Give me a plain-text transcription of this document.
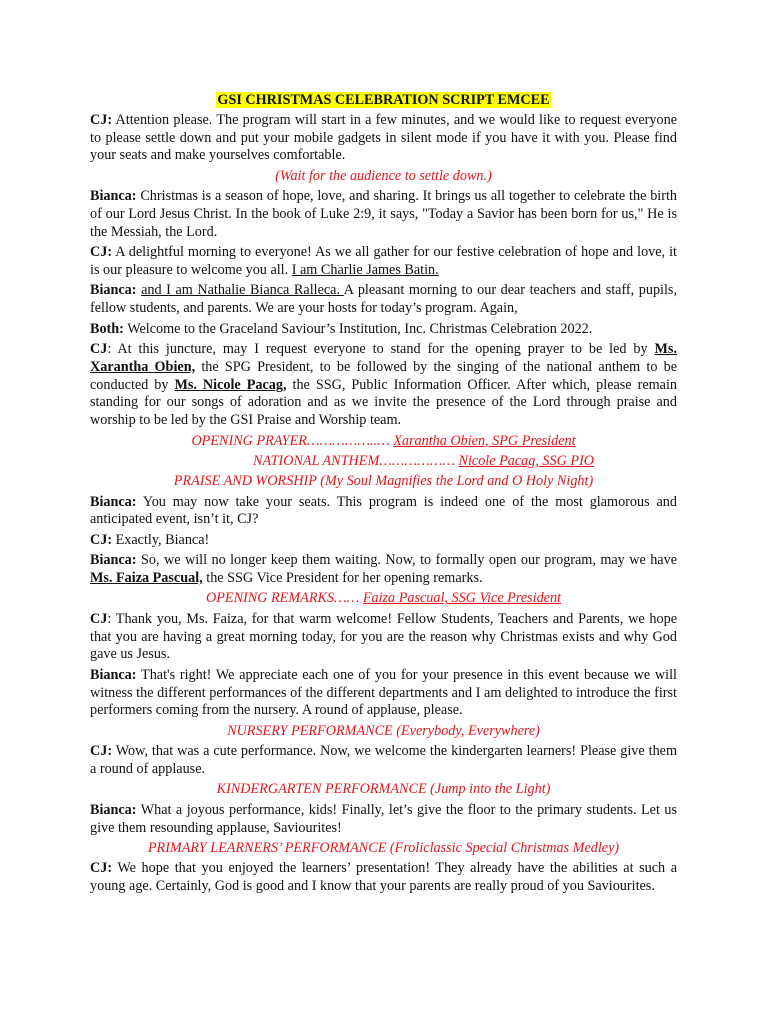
GSI CHRISTMAS CELEBRATION SCRIPT EMCEE
CJ: Attention please. The program will start in a few minutes, and we would like to request everyone to please settle down and put your mobile gadgets in silent mode if you have it with you. Please find your seats and make yourselves comfortable.
(Wait for the audience to settle down.)
Bianca: Christmas is a season of hope, love, and sharing. It brings us all together to celebrate the birth of our Lord Jesus Christ. In the book of Luke 2:9, it says, "Today a Savior has been born for us," He is the Messiah, the Lord.
CJ: A delightful morning to everyone! As we all gather for our festive celebration of hope and love, it is our pleasure to welcome you all. I am Charlie James Batin.
Bianca: and I am Nathalie Bianca Ralleca. A pleasant morning to our dear teachers and staff, pupils, fellow students, and parents. We are your hosts for today’s program. Again,
Both: Welcome to the Graceland Saviour’s Institution, Inc. Christmas Celebration 2022.
CJ: At this juncture, may I request everyone to stand for the opening prayer to be led by Ms. Xarantha Obien, the SPG President, to be followed by the singing of the national anthem to be conducted by Ms. Nicole Pacag, the SSG, Public Information Officer. After which, please remain standing for our songs of adoration and as we invite the presence of the Lord through praise and worship to be led by the GSI Praise and Worship team.
OPENING PRAYER……………..… Xarantha Obien, SPG President
NATIONAL ANTHEM……………… Nicole Pacag, SSG PIO
PRAISE AND WORSHIP (My Soul Magnifies the Lord and O Holy Night)
Bianca: You may now take your seats. This program is indeed one of the most glamorous and anticipated event, isn’t it, CJ?
CJ: Exactly, Bianca!
Bianca: So, we will no longer keep them waiting. Now, to formally open our program, may we have Ms. Faiza Pascual, the SSG Vice President for her opening remarks.
OPENING REMARKS…… Faiza Pascual, SSG Vice President
CJ: Thank you, Ms. Faiza, for that warm welcome! Fellow Students, Teachers and Parents, we hope that you are having a great morning today, for you are the reason why Christmas exists and why God gave us Jesus.
Bianca: That's right! We appreciate each one of you for your presence in this event because we will witness the different performances of the different departments and I am delighted to introduce the first performers coming from the nursery. A round of applause, please.
NURSERY PERFORMANCE (Everybody, Everywhere)
CJ: Wow, that was a cute performance. Now, we welcome the kindergarten learners! Please give them a round of applause.
KINDERGARTEN PERFORMANCE (Jump into the Light)
Bianca: What a joyous performance, kids! Finally, let’s give the floor to the primary students. Let us give them resounding applause, Saviourites!
PRIMARY LEARNERS’ PERFORMANCE (Froliclassic Special Christmas Medley)
CJ: We hope that you enjoyed the learners’ presentation! They already have the abilities at such a young age. Certainly, God is good and I know that your parents are really proud of you Saviourites.
